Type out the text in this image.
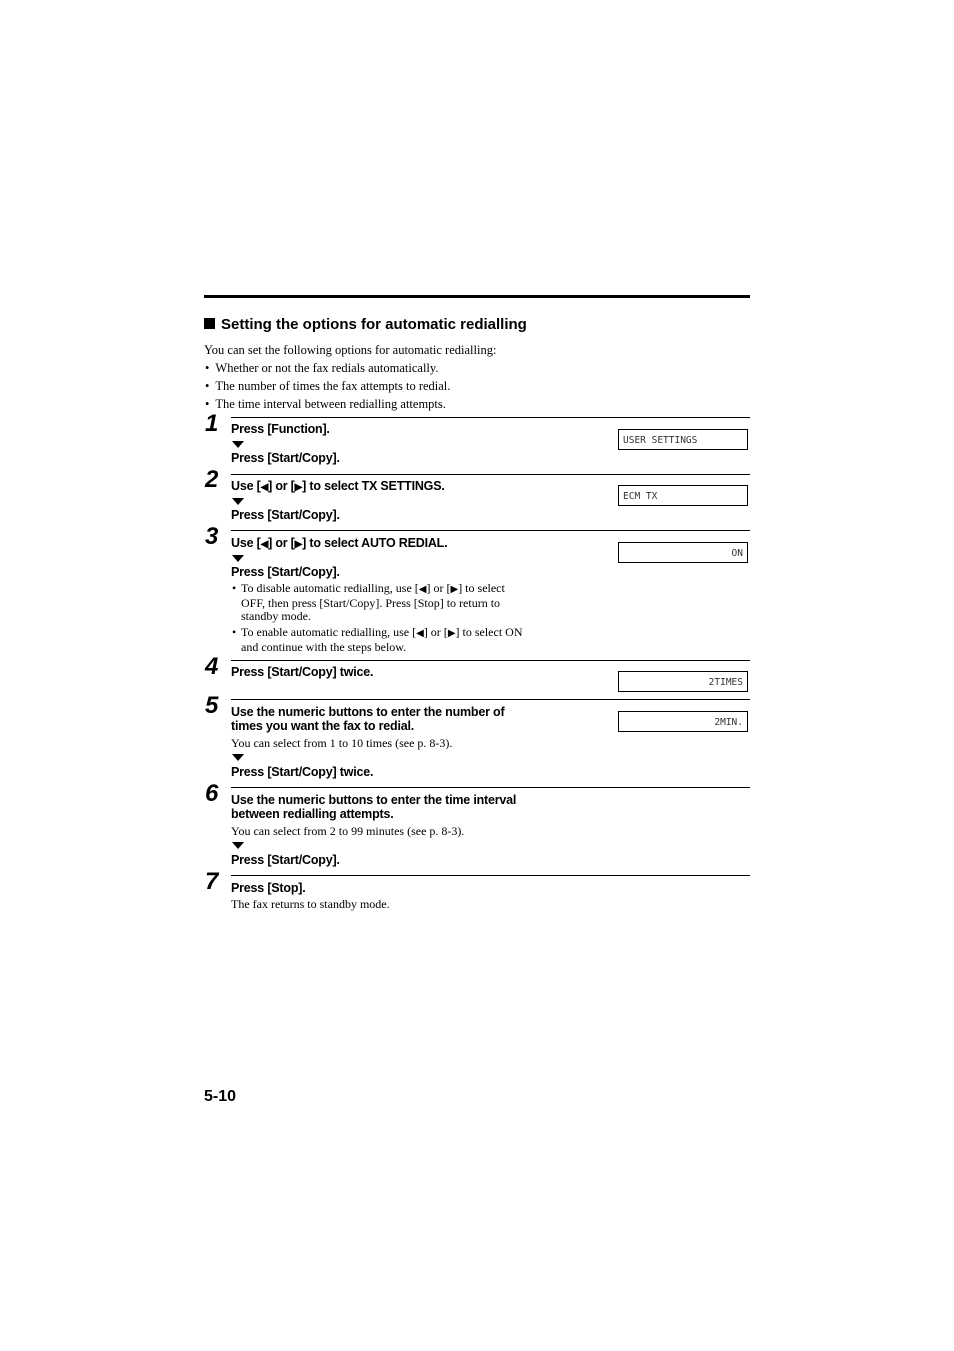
Setting the options for automatic redialling
You can set the following options for automatic redialling:
•  Whether or not the fax redials automatically.
•  The number of times the fax attempts to redial.
•  The time interval between redialling attempts.
1 Press [Function].
Press [Start/Copy].
USER SETTINGS
2 Use [◀] or [▶] to select TX SETTINGS.
Press [Start/Copy].
ECM TX
3 Use [◀] or [▶] to select AUTO REDIAL.
Press [Start/Copy].
ON
• To disable automatic redialling, use [◀] or [▶] to select
OFF, then press [Start/Copy]. Press [Stop] to return to
standby mode.
• To enable automatic redialling, use [◀] or [▶] to select ON
and continue with the steps below.
4 Press [Start/Copy] twice.
2TIMES
5 Use the numeric buttons to enter the number of
times you want the fax to redial.
You can select from 1 to 10 times (see p. 8-3).
Press [Start/Copy] twice.
2MIN.
6 Use the numeric buttons to enter the time interval
between redialling attempts.
You can select from 2 to 99 minutes (see p. 8-3).
Press [Start/Copy].
7 Press [Stop].
The fax returns to standby mode.
5-10
